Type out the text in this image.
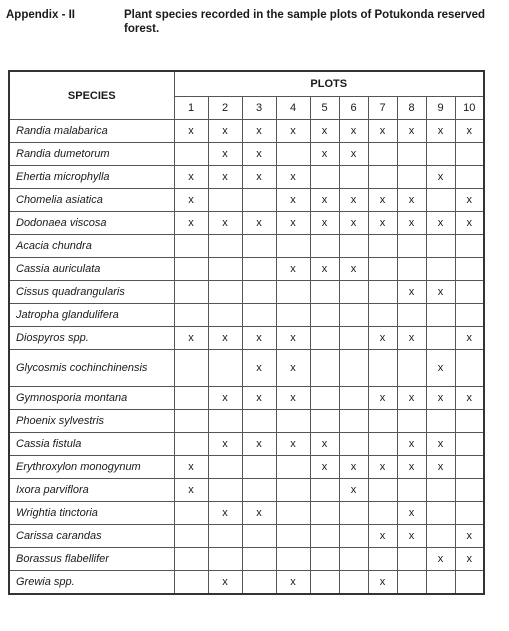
Appendix - II	Plant species recorded in the sample plots of Potukonda reserved forest.
SPECIES	PLOTS									
	1	2	3	4	5	6	7	8	9	10
Randia malabarica	x	x	x	x	x	x	x	x	x	x
Randia dumetorum		x	x		x	x				
Ehertia microphylla	x	x	x	x					x	
Chomelia asiatica	x			x	x	x	x	x		x
Dodonaea viscosa	x	x	x	x	x	x	x	x	x	x
Acacia chundra										
Cassia auriculata				x	x	x				
Cissus quadrangularis								x	x	
Jatropha glandulifera										
Diospyros spp.	x	x	x	x			x	x		x
Glycosmis cochinchinensis			x	x					x	
Gymnosporia montana		x	x	x			x	x	x	x
Phoenix sylvestris										
Cassia fistula		x	x	x	x			x	x	
Erythroxylon monogynum	x				x	x	x	x	x	
Ixora parviflora	x					x				
Wrightia tinctoria		x	x					x		
Carissa carandas							x	x		x
Borassus flabellifer									x	x
Grewia spp.		x		x			x			
